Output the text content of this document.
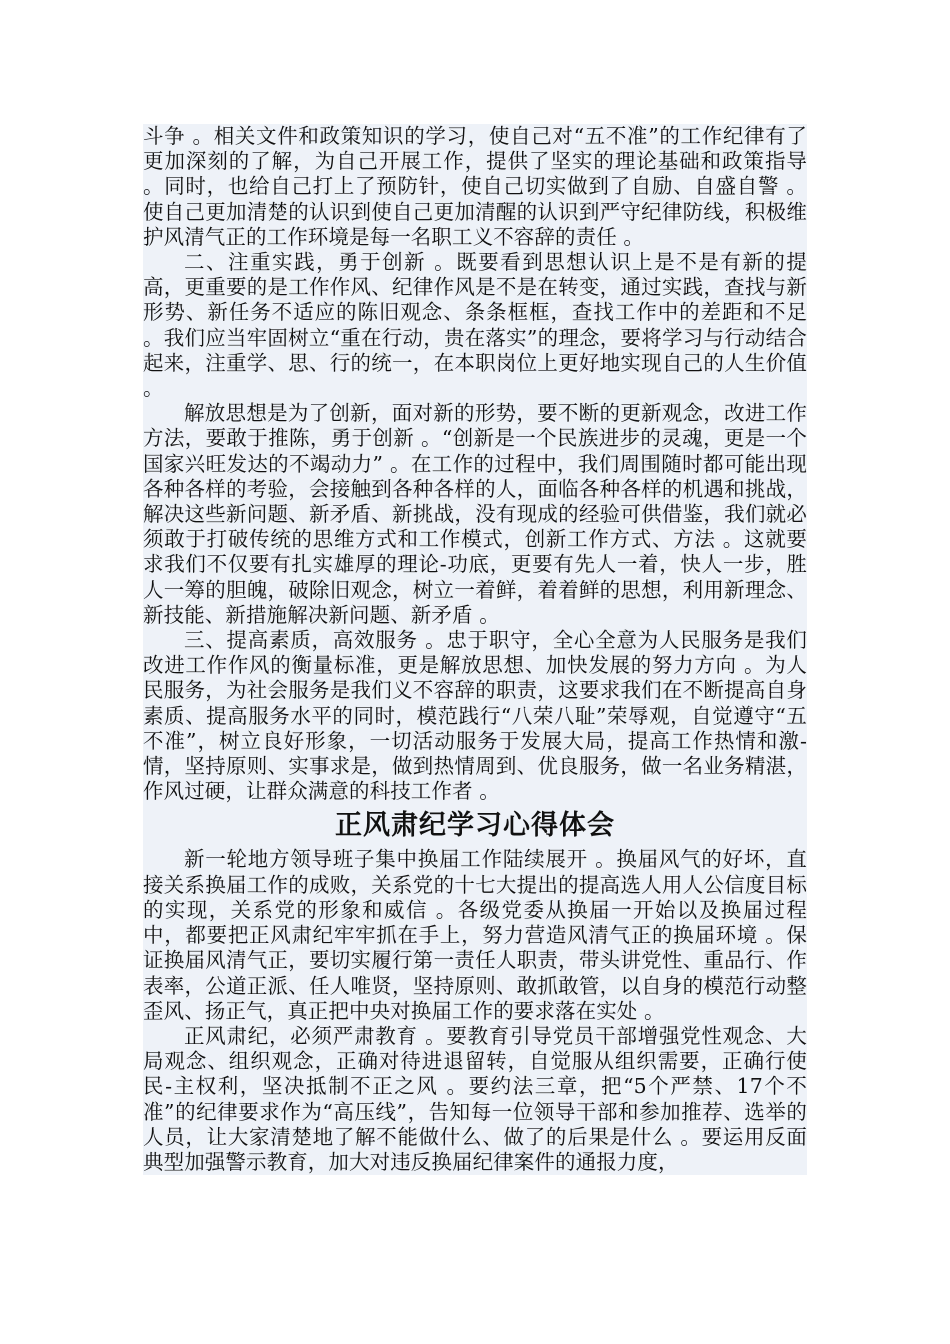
斗争 。相关文件和政策知识的学习，使自己对“五不准”的工作纪律有了更加深刻的了解，为自己开展工作，提供了坚实的理论基础和政策指导 。同时，也给自己打上了预防针，使自己切实做到了自励、自盛自警 。使自己更加清楚的认识到使自己更加清醒的认识到严守纪律防线，积极维护风清气正的工作环境是每一名职工义不容辞的责任 。

二、注重实践，勇于创新 。既要看到思想认识上是不是有新的提高，更重要的是工作作风、纪律作风是不是在转变，通过实践，查找与新形势、新任务不适应的陈旧观念、条条框框，查找工作中的差距和不足 。我们应当牢固树立“重在行动，贵在落实”的理念，要将学习与行动结合起来，注重学、思、行的统一，在本职岗位上更好地实现自己的人生价值 。

解放思想是为了创新，面对新的形势，要不断的更新观念，改进工作方法，要敢于推陈，勇于创新 。“创新是一个民族进步的灵魂，更是一个国家兴旺发达的不竭动力” 。在工作的过程中，我们周围随时都可能出现各种各样的考验，会接触到各种各样的人，面临各种各样的机遇和挑战，解决这些新问题、新矛盾、新挑战，没有现成的经验可供借鉴，我们就必须敢于打破传统的思维方式和工作模式，创新工作方式、方法 。这就要求我们不仅要有扎实雄厚的理论-功底，更要有先人一着，快人一步，胜人一筹的胆魄，破除旧观念，树立一着鲜，着着鲜的思想，利用新理念、新技能、新措施解决新问题、新矛盾 。

三、提高素质，高效服务 。忠于职守，全心全意为人民服务是我们改进工作作风的衡量标准，更是解放思想、加快发展的努力方向 。为人民服务，为社会服务是我们义不容辞的职责，这要求我们在不断提高自身素质、提高服务水平的同时，模范践行“八荣八耻”荣辱观，自觉遵守“五不准”，树立良好形象，一切活动服务于发展大局，提高工作热情和激-情，坚持原则、实事求是，做到热情周到、优良服务，做一名业务精湛，作风过硬，让群众满意的科技工作者 。

正风肃纪学习心得体会

新一轮地方领导班子集中换届工作陆续展开 。换届风气的好坏，直接关系换届工作的成败，关系党的十七大提出的提高选人用人公信度目标的实现，关系党的形象和威信 。各级党委从换届一开始以及换届过程中，都要把正风肃纪牢牢抓在手上，努力营造风清气正的换届环境 。保证换届风清气正，要切实履行第一责任人职责，带头讲党性、重品行、作表率，公道正派、任人唯贤，坚持原则、敢抓敢管，以自身的模范行动整歪风、扬正气，真正把中央对换届工作的要求落在实处 。

正风肃纪，必须严肃教育 。要教育引导党员干部增强党性观念、大局观念、组织观念，正确对待进退留转，自觉服从组织需要，正确行使民-主权利，坚决抵制不正之风 。要约法三章，把“5个严禁、17个不准”的纪律要求作为“高压线”，告知每一位领导干部和参加推荐、选举的人员，让大家清楚地了解不能做什么、做了的后果是什么 。要运用反面典型加强警示教育，加大对违反换届纪律案件的通报力度，
